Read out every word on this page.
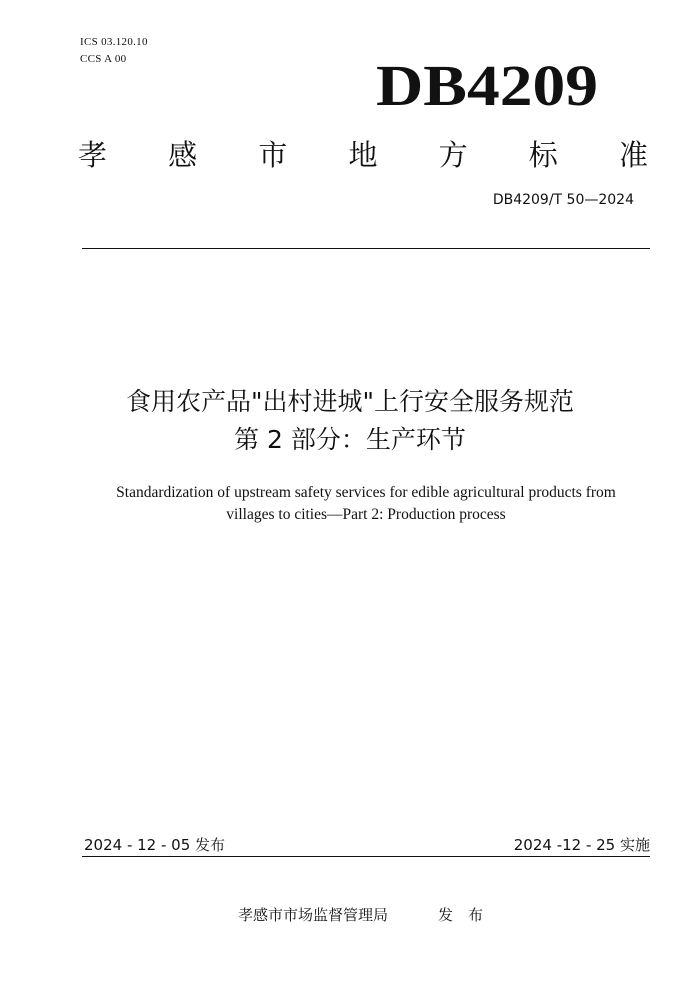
ICS 03.120.10
CCS A 00	DB4209
孝 感 市 地 方 标 准
DB4209/T 50—2024
食用农产品"出村进城"上行安全服务规范
第 2 部分：生产环节
Standardization of upstream safety services for edible agricultural products from
villages to cities—Part 2: Production process
2024 - 12 - 05 发布	2024 -12 - 25 实施
孝感市市场监督管理局	发布
